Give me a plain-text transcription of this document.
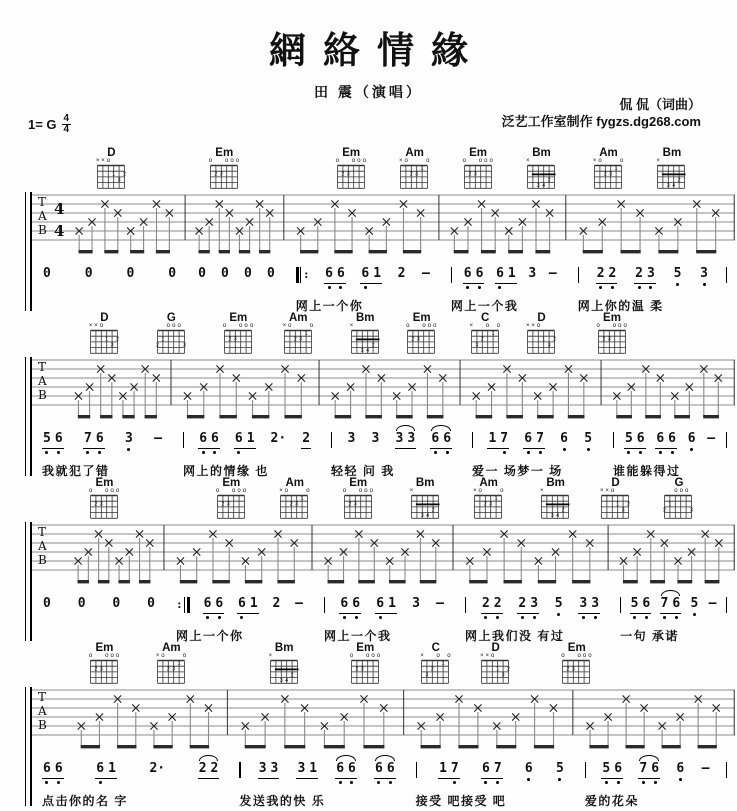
網絡情緣
田 震（演唱）
侃 侃（词曲）
泛艺工作室制作 fygzs.dg268.com
1= G $\frac{4}{4}$
D
× × o
1 2
3
Em
o o o o
2 3
Em
o o o o
2 3
Am
× o	o
1
2 3
Em
o o o o
2 3
Bm
×
2
3 4
Am
× o	o
1
2 3
Bm
×
2
3 4
T
A
B
4
4
0	0	0	0 0 0 0 0	: 6 6 6 1 2 –	6 6 6 1 3 –	2 2 2 3 5 3
网上一个你	网上一个我	网上你的温 柔
D
× × o
1 2
3
G
o o o
1
2	3
Em
o o o o
2 3
Am
× o	o
1
2 3
Bm
×
2
3 4
Em
o o o o
2 3
C
× o o
1
2
3
D
× × o
1 2
3
Em
o o o o
2 3
T
A
B
5 6 7 6 3 –	6 6 6 1 2· 2	3 3 3 3 6 6	1 7 6 7 6 5	5 6 6 6 6 –
我就犯了错	网上的情缘 也	轻轻 问 我	爱一 场梦一 场	谁能躲得过
Em
o o o o
2 3
Em
o o o o
2 3
Am
× o	o
1
2 3
Em
o o o o
2 3
Bm
×
2
3 4
Am
× o	o
1
2 3
Bm
×
2
3 4
D
× × o
1 2
3
G
o o o
1
2	3
T
A
B
0 0 0 0 : 6 6 6 1 2 –	6 6 6 1 3 –	2 2 2 3 5 3 3 5 6 7 6 5 –
网上一个你	网上一个我	网上我们没 有过	一句 承诺
Em
o o o o
2 3
Am
× o	o
1
2 3
Bm
×
2
3 4
Em
o o o o
2 3
C
× o o
1
2
3
D
× × o
1 2
3
Em
o o o o
2 3
T
A
B
6 6	6 1	2·	2 2	3 3 3 1 6 6 6 6	1 7 6 7 6 5	5 6 7 6 6 –
点击你的名 字	发送我的快 乐	接受 吧接受 吧	爱的花朵
